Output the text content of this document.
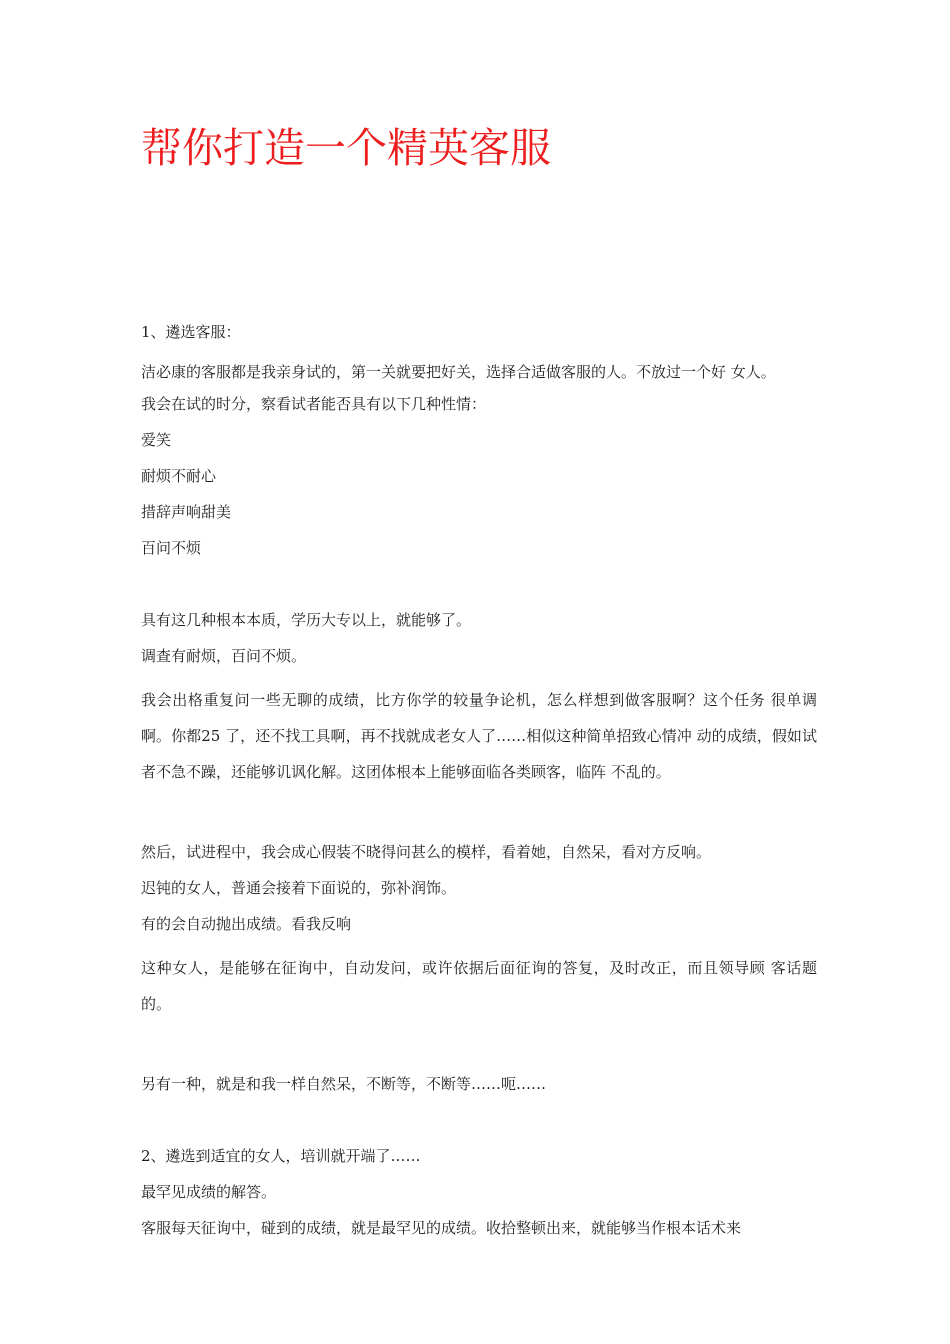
帮你打造一个精英客服

1、遴选客服：

洁必康的客服都是我亲身试的，第一关就要把好关，选择合适做客服的人。不放过一个好 女人。

我会在试的时分，察看试者能否具有以下几种性情：

爱笑

耐烦不耐心

措辞声响甜美

百问不烦

具有这几种根本本质，学历大专以上，就能够了。

调查有耐烦，百问不烦。

我会出格重复问一些无聊的成绩，比方你学的较量争论机，怎么样想到做客服啊？这个任务 很单调啊。你都25 了，还不找工具啊，再不找就成老女人了……相似这种简单招致心情冲 动的成绩，假如试者不急不躁，还能够讥讽化解。这团体根本上能够面临各类顾客，临阵 不乱的。

然后，试进程中，我会成心假装不晓得问甚么的模样，看着她，自然呆，看对方反响。

迟钝的女人，普通会接着下面说的，弥补润饰。

有的会自动抛出成绩。看我反响

这种女人，是能够在征询中，自动发问，或许依据后面征询的答复，及时改正，而且领导顾 客话题的。

另有一种，就是和我一样自然呆，不断等，不断等……呃……

2、遴选到适宜的女人，培训就开端了……

最罕见成绩的解答。

客服每天征询中，碰到的成绩，就是最罕见的成绩。收拾整顿出来，就能够当作根本话术来
